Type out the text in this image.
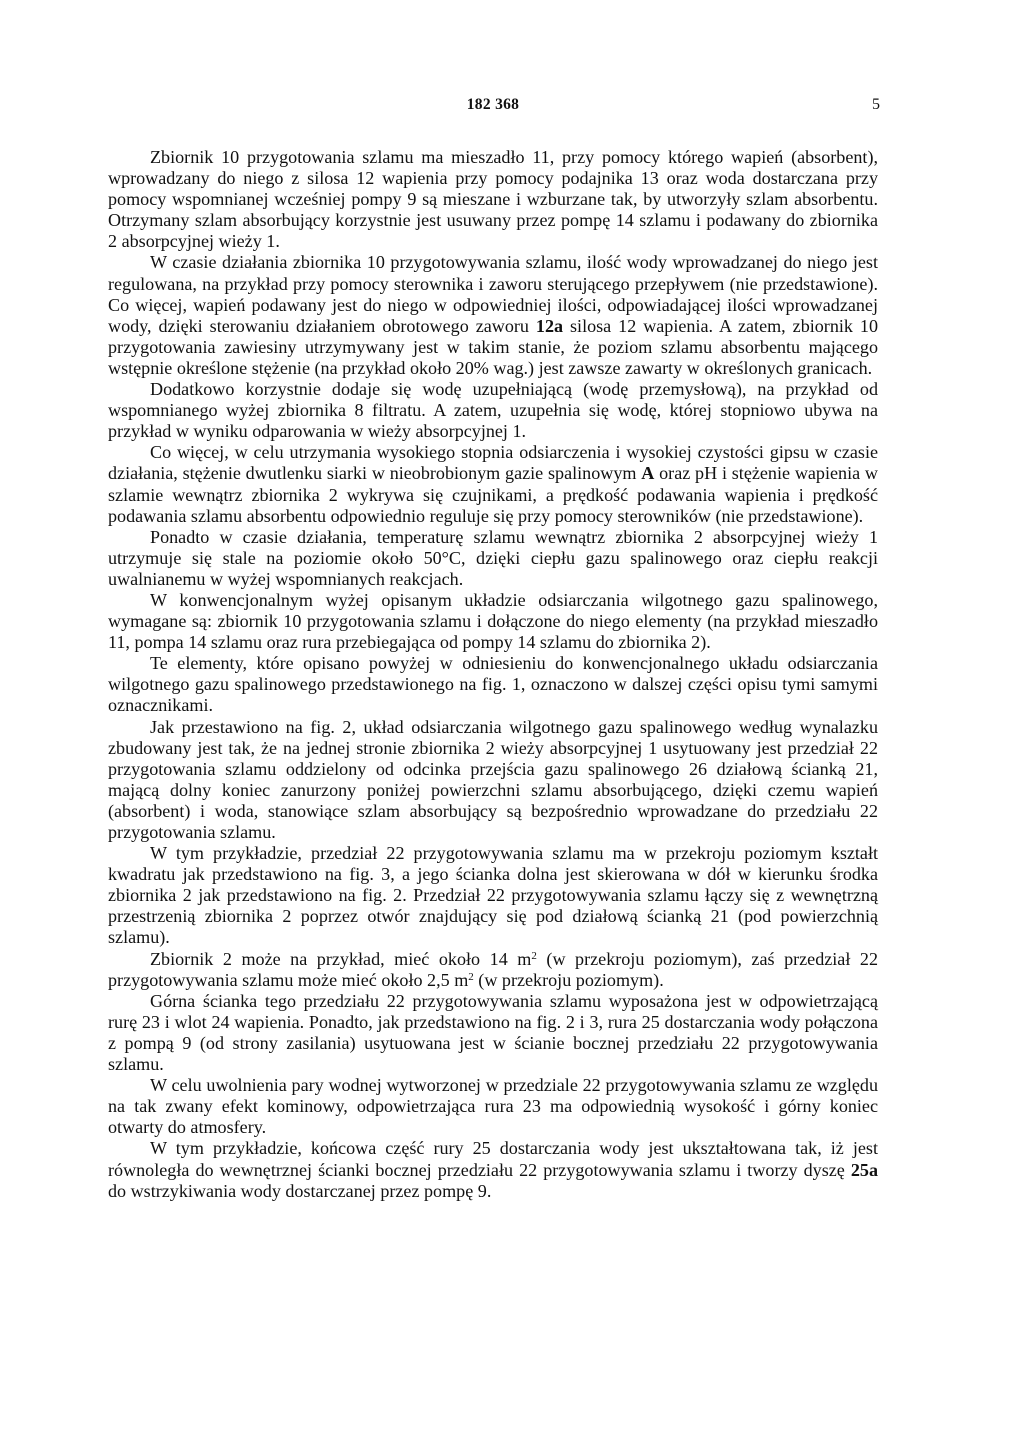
182 368	5

Zbiornik 10 przygotowania szlamu ma mieszadło 11, przy pomocy którego wapień (absorbent), wprowadzany do niego z silosa 12 wapienia przy pomocy podajnika 13 oraz woda dostarczana przy pomocy wspomnianej wcześniej pompy 9 są mieszane i wzburzane tak, by utworzyły szlam absorbentu. Otrzymany szlam absorbujący korzystnie jest usuwany przez pompę 14 szlamu i podawany do zbiornika 2 absorpcyjnej wieży 1.

W czasie działania zbiornika 10 przygotowywania szlamu, ilość wody wprowadzanej do niego jest regulowana, na przykład przy pomocy sterownika i zaworu sterującego przepływem (nie przedstawione). Co więcej, wapień podawany jest do niego w odpowiedniej ilości, odpowiadającej ilości wprowadzanej wody, dzięki sterowaniu działaniem obrotowego zaworu 12a silosa 12 wapienia. A zatem, zbiornik 10 przygotowania zawiesiny utrzymywany jest w takim stanie, że poziom szlamu absorbentu mającego wstępnie określone stężenie (na przykład około 20% wag.) jest zawsze zawarty w określonych granicach.

Dodatkowo korzystnie dodaje się wodę uzupełniającą (wodę przemysłową), na przykład od wspomnianego wyżej zbiornika 8 filtratu. A zatem, uzupełnia się wodę, której stopniowo ubywa na przykład w wyniku odparowania w wieży absorpcyjnej 1.

Co więcej, w celu utrzymania wysokiego stopnia odsiarczenia i wysokiej czystości gipsu w czasie działania, stężenie dwutlenku siarki w nieobrobionym gazie spalinowym A oraz pH i stężenie wapienia w szlamie wewnątrz zbiornika 2 wykrywa się czujnikami, a prędkość podawania wapienia i prędkość podawania szlamu absorbentu odpowiednio reguluje się przy pomocy sterowników (nie przedstawione).

Ponadto w czasie działania, temperaturę szlamu wewnątrz zbiornika 2 absorpcyjnej wieży 1 utrzymuje się stale na poziomie około 50°C, dzięki ciepłu gazu spalinowego oraz ciepłu reakcji uwalnianemu w wyżej wspomnianych reakcjach.

W konwencjonalnym wyżej opisanym układzie odsiarczania wilgotnego gazu spalinowego, wymagane są: zbiornik 10 przygotowania szlamu i dołączone do niego elementy (na przykład mieszadło 11, pompa 14 szlamu oraz rura przebiegająca od pompy 14 szlamu do zbiornika 2).

Te elementy, które opisano powyżej w odniesieniu do konwencjonalnego układu odsiarczania wilgotnego gazu spalinowego przedstawionego na fig. 1, oznaczono w dalszej części opisu tymi samymi oznacznikami.

Jak przestawiono na fig. 2, układ odsiarczania wilgotnego gazu spalinowego według wynalazku zbudowany jest tak, że na jednej stronie zbiornika 2 wieży absorpcyjnej 1 usytuowany jest przedział 22 przygotowania szlamu oddzielony od odcinka przejścia gazu spalinowego 26 działową ścianką 21, mającą dolny koniec zanurzony poniżej powierzchni szlamu absorbującego, dzięki czemu wapień (absorbent) i woda, stanowiące szlam absorbujący są bezpośrednio wprowadzane do przedziału 22 przygotowania szlamu.

W tym przykładzie, przedział 22 przygotowywania szlamu ma w przekroju poziomym kształt kwadratu jak przedstawiono na fig. 3, a jego ścianka dolna jest skierowana w dół w kierunku środka zbiornika 2 jak przedstawiono na fig. 2. Przedział 22 przygotowywania szlamu łączy się z wewnętrzną przestrzenią zbiornika 2 poprzez otwór znajdujący się pod działową ścianką 21 (pod powierzchnią szlamu).

Zbiornik 2 może na przykład, mieć około 14 $m^2$ (w przekroju poziomym), zaś przedział 22 przygotowywania szlamu może mieć około 2,5 $m^2$ (w przekroju poziomym).

Górna ścianka tego przedziału 22 przygotowywania szlamu wyposażona jest w odpowietrzającą rurę 23 i wlot 24 wapienia. Ponadto, jak przedstawiono na fig. 2 i 3, rura 25 dostarczania wody połączona z pompą 9 (od strony zasilania) usytuowana jest w ścianie bocznej przedziału 22 przygotowywania szlamu.

W celu uwolnienia pary wodnej wytworzonej w przedziale 22 przygotowywania szlamu ze względu na tak zwany efekt kominowy, odpowietrzająca rura 23 ma odpowiednią wysokość i górny koniec otwarty do atmosfery.

W tym przykładzie, końcowa część rury 25 dostarczania wody jest ukształtowana tak, iż jest równoległa do wewnętrznej ścianki bocznej przedziału 22 przygotowywania szlamu i tworzy dyszę 25a do wstrzykiwania wody dostarczanej przez pompę 9.
